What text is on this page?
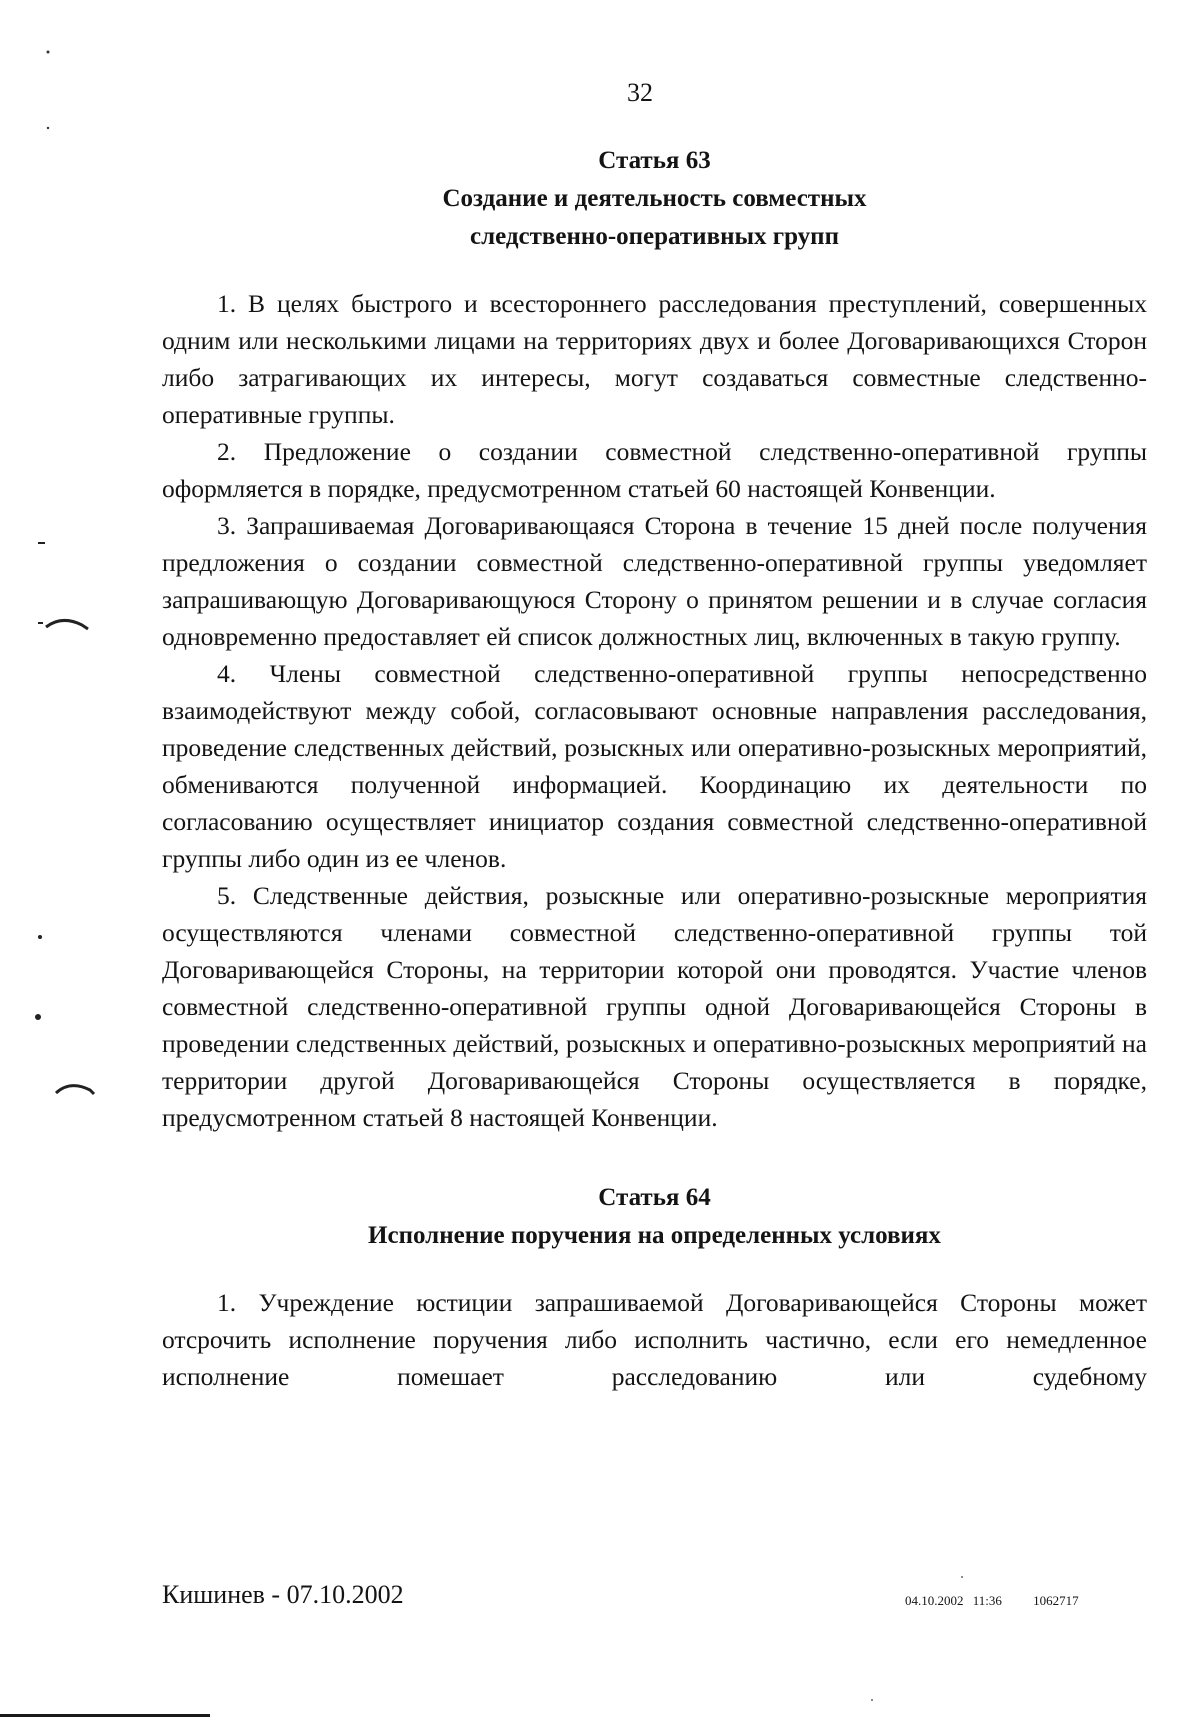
32
Статья 63
Создание и деятельность совместных
следственно-оперативных групп

1. В целях быстрого и всестороннего расследования преступлений, совершенных одним или несколькими лицами на территориях двух и более Договаривающихся Сторон либо затрагивающих их интересы, могут создаваться совместные следственно-оперативные группы.

2. Предложение о создании совместной следственно-оперативной группы оформляется в порядке, предусмотренном статьей 60 настоящей Конвенции.

3. Запрашиваемая Договаривающаяся Сторона в течение 15 дней после получения предложения о создании совместной следственно-оперативной группы уведомляет запрашивающую Договаривающуюся Сторону о принятом решении и в случае согласия одновременно предоставляет ей список должностных лиц, включенных в такую группу.

4. Члены совместной следственно-оперативной группы непосредственно взаимодействуют между собой, согласовывают основные направления расследования, проведение следственных действий, розыскных или оперативно-розыскных мероприятий, обмениваются полученной информацией. Координацию их деятельности по согласованию осуществляет инициатор создания совместной следственно-оперативной группы либо один из ее членов.

5. Следственные действия, розыскные или оперативно-розыскные мероприятия осуществляются членами совместной следственно-оперативной группы той Договаривающейся Стороны, на территории которой они проводятся. Участие членов совместной следственно-оперативной группы одной Договаривающейся Стороны в проведении следственных действий, розыскных и оперативно-розыскных мероприятий на территории другой Договаривающейся Стороны осуществляется в порядке, предусмотренном статьей 8 настоящей Конвенции.

Статья 64
Исполнение поручения на определенных условиях

1. Учреждение юстиции запрашиваемой Договаривающейся Стороны может отсрочить исполнение поручения либо исполнить частично, если его немедленное исполнение помешает расследованию или судебному

Кишинев - 07.10.2002	04.10.2002 11:36 1062717
